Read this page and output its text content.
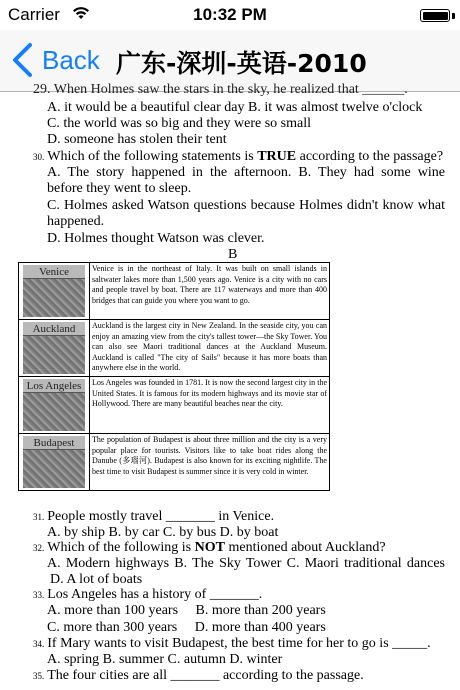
Carrier	10:32 PM
Back 广东-深圳-英语-2010
29. When Holmes saw the stars in the sky, he realized that ______.
A. it would be a beautiful clear day B. it was almost twelve o'clock
C. the world was so big and they were so small
D. someone has stolen their tent
30. Which of the following statements is TRUE according to the passage?
A. The story happened in the afternoon. B. They had some wine
before they went to sleep.
C. Holmes asked Watson questions because Holmes didn't know what
happened.
D. Holmes thought Watson was clever.
B
Venice	Venice is in the northeast of Italy. It was built on small islands in saltwater lakes more than 1,500 years ago. Venice is a city with no cars and people travel by boat. There are 117 waterways and more than 400 bridges that can guide you where you want to go.

Auckland	Auckland is the largest city in New Zealand. In the seaside city, you can enjoy an amazing view from the city's tallest tower—the Sky Tower. You can also see Maori traditional dances at the Auckland Museum. Auckland is called "The city of Sails" because it has more boats than anywhere else in the world.

Los Angeles	Los Angeles was founded in 1781. It is now the second largest city in the United States. It is famous for its modern highways and its movie star of Hollywood. There are many beautiful beaches near the city.

Budapest	The population of Budapest is about three million and the city is a very popular place for tourists. Visitors like to take boat rides along the Danube (多瑙河). Budapest is also known for its exciting nightlife. The best time to visit Budapest is summer since it is very cold in winter.
31. People mostly travel _______ in Venice.
A. by ship B. by car C. by bus D. by boat
32. Which of the following is NOT mentioned about Auckland?
A. Modern highways B. The Sky Tower C. Maori traditional dances
D. A lot of boats
33. Los Angeles has a history of _______.
A. more than 100 years     B. more than 200 years
C. more than 300 years     D. more than 400 years
34. If Mary wants to visit Budapest, the best time for her to go is _____.
A. spring B. summer C. autumn D. winter
35. The four cities are all _______ according to the passage.
